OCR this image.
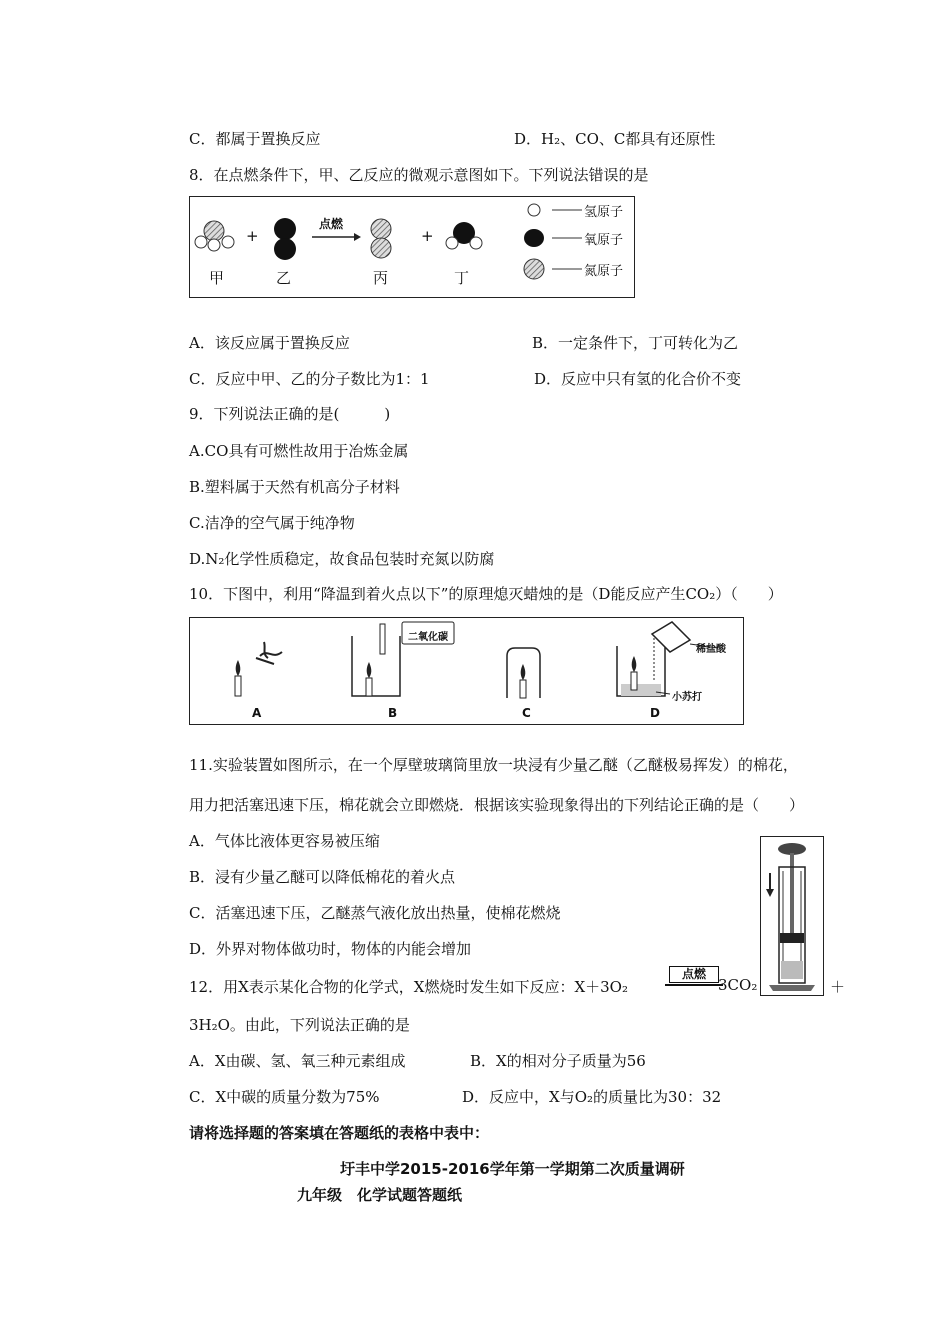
C．都属于置换反应	D．H₂、CO、C都具有还原性
8．在点燃条件下，甲、乙反应的微观示意图如下。下列说法错误的是
+	+
点燃
甲	乙	丙	丁
氢原子
氧原子
氮原子
A．该反应属于置换反应	B．一定条件下，丁可转化为乙
C．反应中甲、乙的分子数比为1：1	D．反应中只有氢的化合价不变
9．下列说法正确的是(　　　)
A.CO具有可燃性故用于冶炼金属
B.塑料属于天然有机高分子材料
C.洁净的空气属于纯净物
D.N₂化学性质稳定，故食品包装时充氮以防腐
10．下图中，利用“降温到着火点以下”的原理熄灭蜡烛的是（D能反应产生CO₂）（　　）
二氧化碳
稀盐酸
小苏打
A	B	C	D
11.实验装置如图所示，在一个厚壁玻璃筒里放一块浸有少量乙醚（乙醚极易挥发）的棉花，
用力把活塞迅速下压，棉花就会立即燃烧．根据该实验现象得出的下列结论正确的是（　　）
A．气体比液体更容易被压缩
B．浸有少量乙醚可以降低棉花的着火点
C．活塞迅速下压，乙醚蒸气液化放出热量，使棉花燃烧
D．外界对物体做功时，物体的内能会增加
12．用X表示某化合物的化学式，X燃烧时发生如下反应：X＋3O₂
点燃
3CO₂	＋
3H₂O。由此，下列说法正确的是
A．X由碳、氢、氧三种元素组成	B．X的相对分子质量为56
C．X中碳的质量分数为75%	D．反应中，X与O₂的质量比为30：32
请将选择题的答案填在答题纸的表格中表中：
圩丰中学2015-2016学年第一学期第二次质量调研
九年级　化学试题答题纸
